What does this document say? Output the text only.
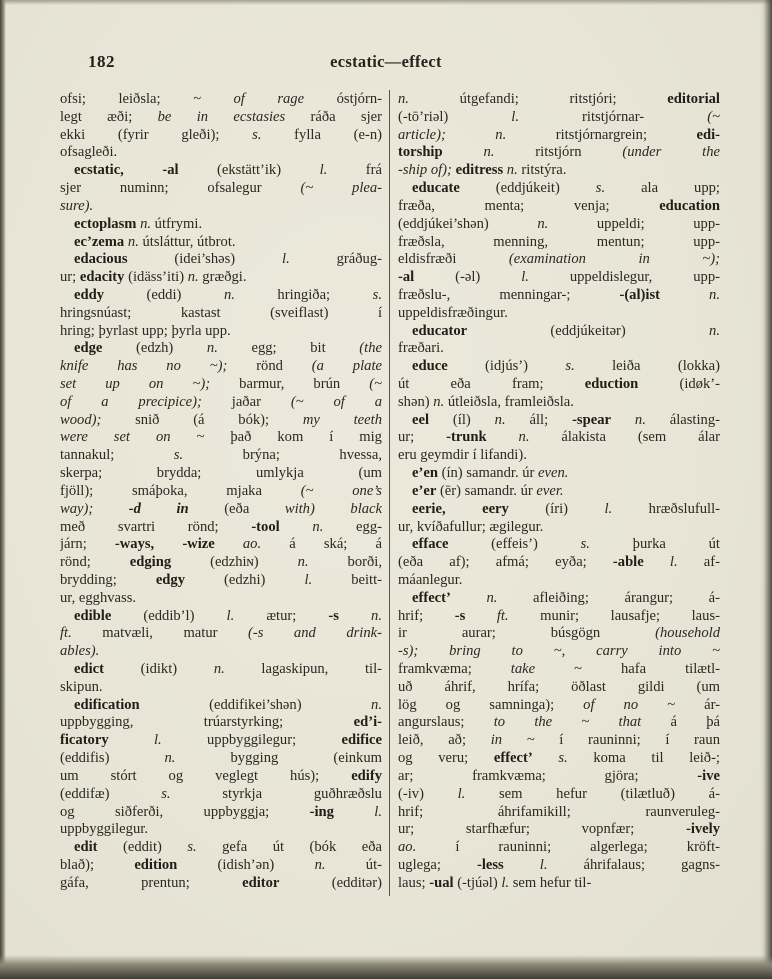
182	ecstatic—effect
ofsi; leiðsla; ~ of rage óstjórn-
legt æði; be in ecstasies ráða sjer
ekki (fyrir gleði); s. fylla (e-n)
ofsagleði.
ecstatic, -al (ekstätt’ik) l. frá
sjer numinn; ofsalegur (~ plea-
sure).
ectoplasm n. útfrymi.
ec’zema n. útsláttur, útbrot.
edacious (idei’shəs) l. gráðug-
ur; edacity (idäss’iti) n. græðgi.
eddy (eddi) n. hringiða; s.
hringsnúast; kastast (sveiflast) í
hring; þyrlast upp; þyrla upp.
edge (edzh) n. egg; bit (the
knife has no ~); rönd (a plate
set up on ~); barmur, brún (~
of a precipice); jaðar (~ of a
wood); snið (á bók); my teeth
were set on ~ það kom í mig
tannakul; s. brýna; hvessa,
skerpa; brydda; umlykja (um
fjöll); smáþoka, mjaka (~ one’s
way); -d in (eða with) black
með svartri rönd; -tool n. egg-
járn; -ways, -wize ao. á ská; á
rönd; edging (edzhiɴ) n. borði,
brydding; edgy (edzhi) l. beitt-
ur, egghvass.
edible (eddib’l) l. ætur; -s n.
ft. matvæli, matur (-s and drink-
ables).
edict (idikt) n. lagaskipun, til-
skipun.
edification (eddifikei’shən) n.
uppbygging, trúarstyrking; ed’i-
ficatory	l. uppbyggilegur; edifice
(eddifis) n. bygging (einkum
um stórt og veglegt hús); edify
(eddifæ) s. styrkja guðhræðslu
og siðferði, uppbyggja; -ing	l.
uppbyggilegur.
edit (eddit) s. gefa út (bók eða
blað); edition (idish’ən) n. út-
gáfa, prentun; editor (edditər)
n. útgefandi; ritstjóri; editorial
(-tō’riəl) l. ritstjórnar- (~
article);	n. ritstjórnargrein; edi-
torship	n. ritstjórn (under the
-ship of); editress n. ritstýra.
educate (eddjúkeit) s. ala upp;
fræða, menta; venja; education
(eddjúkei’shən) n. uppeldi; upp-
fræðsla, menning, mentun; upp-
eldisfræði (examination in ~);
-al (-əl) l. uppeldislegur, upp-
fræðslu-, menningar-; -(al)ist	n.
uppeldisfræðingur.
educator (eddjúkeitər) n.
fræðari.
educe (idjús’) s. leiða (lokka)
út eða fram; eduction (idøk’-
shən) n. útleiðsla, framleiðsla.
eel (íl) n. áll; -spear n. álasting-
ur; -trunk n. álakista (sem álar
eru geymdir í lifandi).
e’en (ín) samandr. úr even.
e’er (ēr) samandr. úr ever.
eerie, eery (íri) l. hræðslufull-
ur, kvíðafullur; ægilegur.
efface (effeis’) s. þurka út
(eða af); afmá; eyða; -able l. af-
máanlegur.
effect’ n. afleiðing; árangur; á-
hrif; -s ft. munir; lausafje; laus-
ir aurar; búsgögn (household
-s); bring to ~, carry into ~
framkvæma; take ~ hafa tilætl-
uð áhrif, hrífa; öðlast gildi (um
lög og samninga); of no ~ ár-
angurslaus; to the ~ that á þá
leið, að; in ~ í rauninni; í raun
og veru; effect’ s. koma til leið-;
ar; framkvæma; gjöra; -ive
(-iv) l. sem hefur (tilætluð) á-
hrif; áhrifamikill; raunveruleg-
ur; starfhæfur; vopnfær; -ively
ao. í rauninni; algerlega; kröft-
uglega; -less l. áhrifalaus; gagns-
laus; -ual (-tjúəl) l. sem hefur til-
